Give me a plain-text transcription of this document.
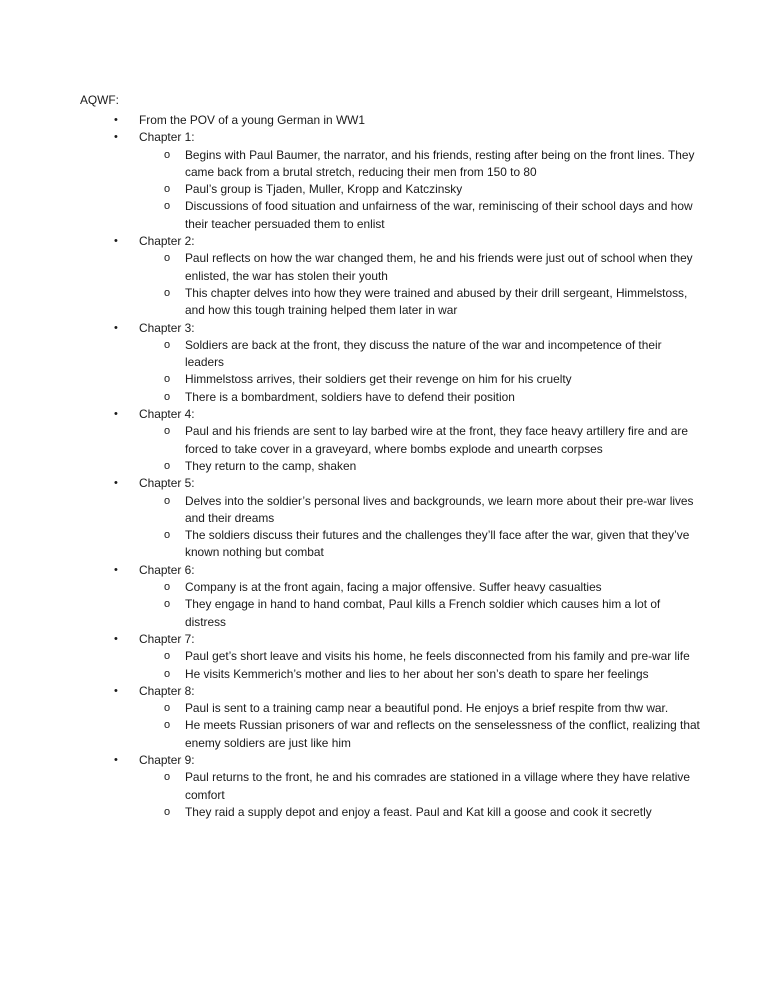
AQWF:
• From the POV of a young German in WW1
• Chapter 1:
o Begins with Paul Baumer, the narrator, and his friends, resting after being on the front lines. They came back from a brutal stretch, reducing their men from 150 to 80
o Paul’s group is Tjaden, Muller, Kropp and Katczinsky
o Discussions of food situation and unfairness of the war, reminiscing of their school days and how their teacher persuaded them to enlist
• Chapter 2:
o Paul reflects on how the war changed them, he and his friends were just out of school when they enlisted, the war has stolen their youth
o This chapter delves into how they were trained and abused by their drill sergeant, Himmelstoss, and how this tough training helped them later in war
• Chapter 3:
o Soldiers are back at the front, they discuss the nature of the war and incompetence of their leaders
o Himmelstoss arrives, their soldiers get their revenge on him for his cruelty
o There is a bombardment, soldiers have to defend their position
• Chapter 4:
o Paul and his friends are sent to lay barbed wire at the front, they face heavy artillery fire and are forced to take cover in a graveyard, where bombs explode and unearth corpses
o They return to the camp, shaken
• Chapter 5:
o Delves into the soldier’s personal lives and backgrounds, we learn more about their pre-war lives and their dreams
o The soldiers discuss their futures and the challenges they’ll face after the war, given that they’ve known nothing but combat
• Chapter 6:
o Company is at the front again, facing a major offensive. Suffer heavy casualties
o They engage in hand to hand combat, Paul kills a French soldier which causes him a lot of distress
• Chapter 7:
o Paul get’s short leave and visits his home, he feels disconnected from his family and pre-war life
o He visits Kemmerich’s mother and lies to her about her son’s death to spare her feelings
• Chapter 8:
o Paul is sent to a training camp near a beautiful pond. He enjoys a brief respite from thw war.
o He meets Russian prisoners of war and reflects on the senselessness of the conflict, realizing that enemy soldiers are just like him
• Chapter 9:
o Paul returns to the front, he and his comrades are stationed in a village where they have relative comfort
o They raid a supply depot and enjoy a feast. Paul and Kat kill a goose and cook it secretly
